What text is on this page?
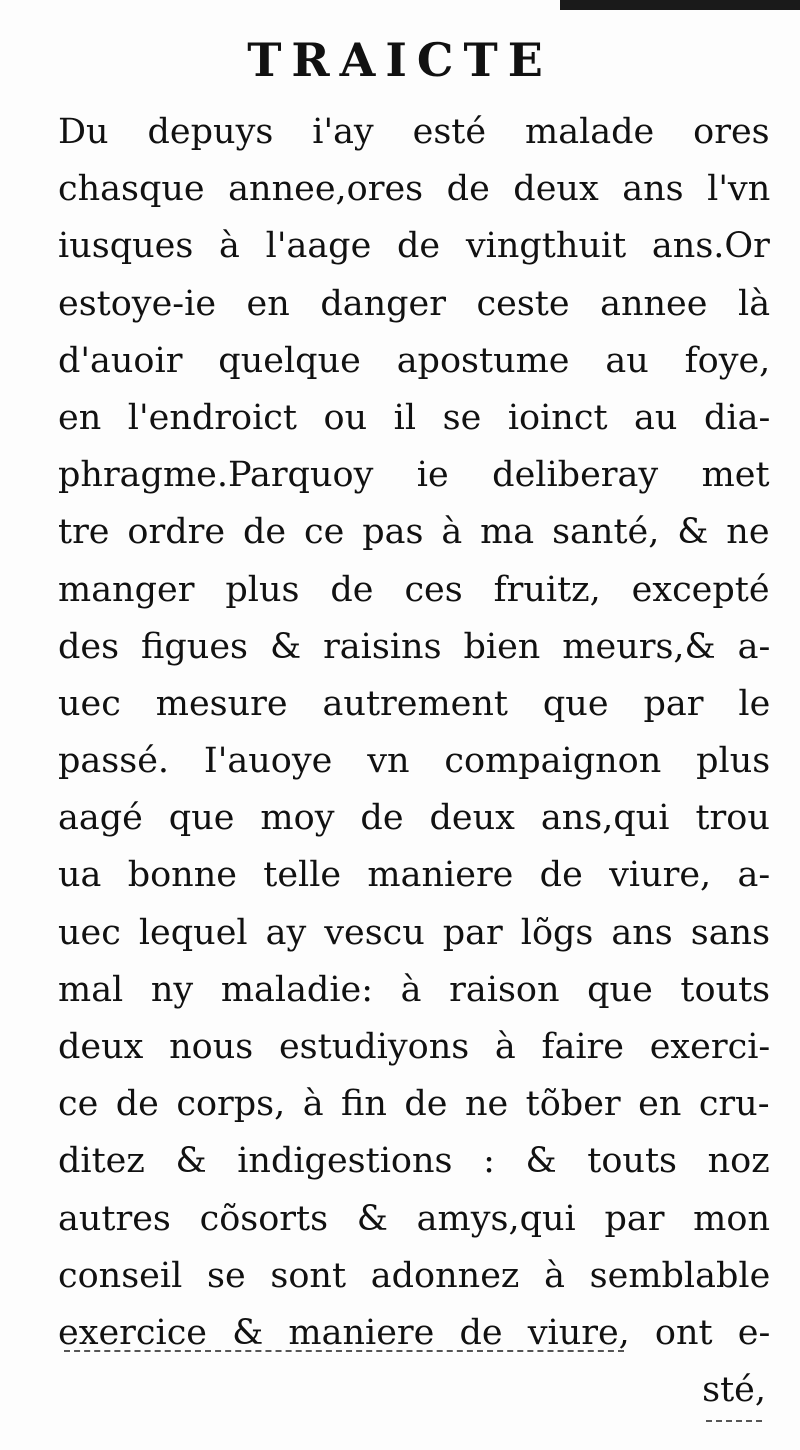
TRAICTE
Du depuys i'ay esté malade ores
chasque annee,ores de deux ans l'vn
iusques à l'aage de vingthuit ans.Or
estoye-ie en danger ceste annee là
d'auoir quelque apostume au foye,
en l'endroict ou il se ioinct au dia-
phragme.Parquoy ie deliberay met
tre ordre de ce pas à ma santé, & ne
manger plus de ces fruitz, excepté
des figues & raisins bien meurs,& a-
uec mesure autrement que par le
passé. I'auoye vn compaignon plus
aagé que moy de deux ans,qui trou
ua bonne telle maniere de viure, a-
uec lequel ay vescu par lõgs ans sans
mal ny maladie: à raison que touts
deux nous estudiyons à faire exerci-
ce de corps, à fin de ne tõber en cru-
ditez & indigestions : & touts noz
autres cõsorts & amys,qui par mon
conseil se sont adonnez à semblable
exercice & maniere de viure, ont e-
sté,
